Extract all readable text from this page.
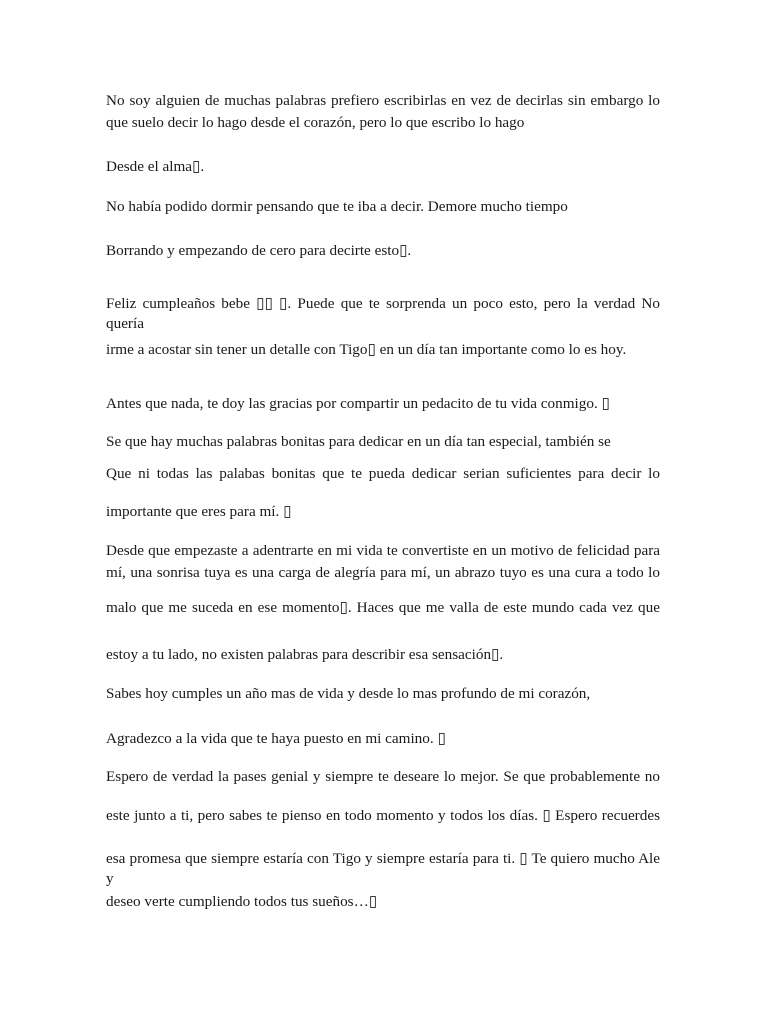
No soy alguien de muchas palabras prefiero escribirlas en vez de decirlas sin embargo lo
que suelo decir lo hago desde el corazón, pero lo que escribo lo hago
Desde el alma▯.
No había podido dormir pensando que te iba a decir. Demore mucho tiempo
Borrando y empezando de cero para decirte esto▯.
Feliz cumpleaños bebe ▯▯ ▯. Puede que te sorprenda un poco esto, pero la verdad No quería
irme a acostar sin tener un detalle con Tigo▯ en un día tan importante como lo es hoy.
Antes que nada, te doy las gracias por compartir un pedacito de tu vida conmigo. ▯
Se que hay muchas palabras bonitas para dedicar en un día tan especial, también se
Que ni todas las palabas bonitas que te pueda dedicar serian suficientes para decir lo
importante que eres para mí. ▯
Desde que empezaste a adentrarte en mi vida te convertiste en un motivo de felicidad para
mí, una sonrisa tuya es una carga de alegría para mí, un abrazo tuyo es una cura a todo lo
malo que me suceda en ese momento▯. Haces que me valla de este mundo cada vez que
estoy a tu lado, no existen palabras para describir esa sensación▯.
Sabes hoy cumples un año mas de vida y desde lo mas profundo de mi corazón,
Agradezco a la vida que te haya puesto en mi camino. ▯
Espero de verdad la pases genial y siempre te deseare lo mejor. Se que probablemente no
este junto a ti, pero sabes te pienso en todo momento y todos los días. ▯ Espero recuerdes
esa promesa que siempre estaría con Tigo y siempre estaría para ti. ▯ Te quiero mucho Ale y
deseo verte cumpliendo todos tus sueños…▯
